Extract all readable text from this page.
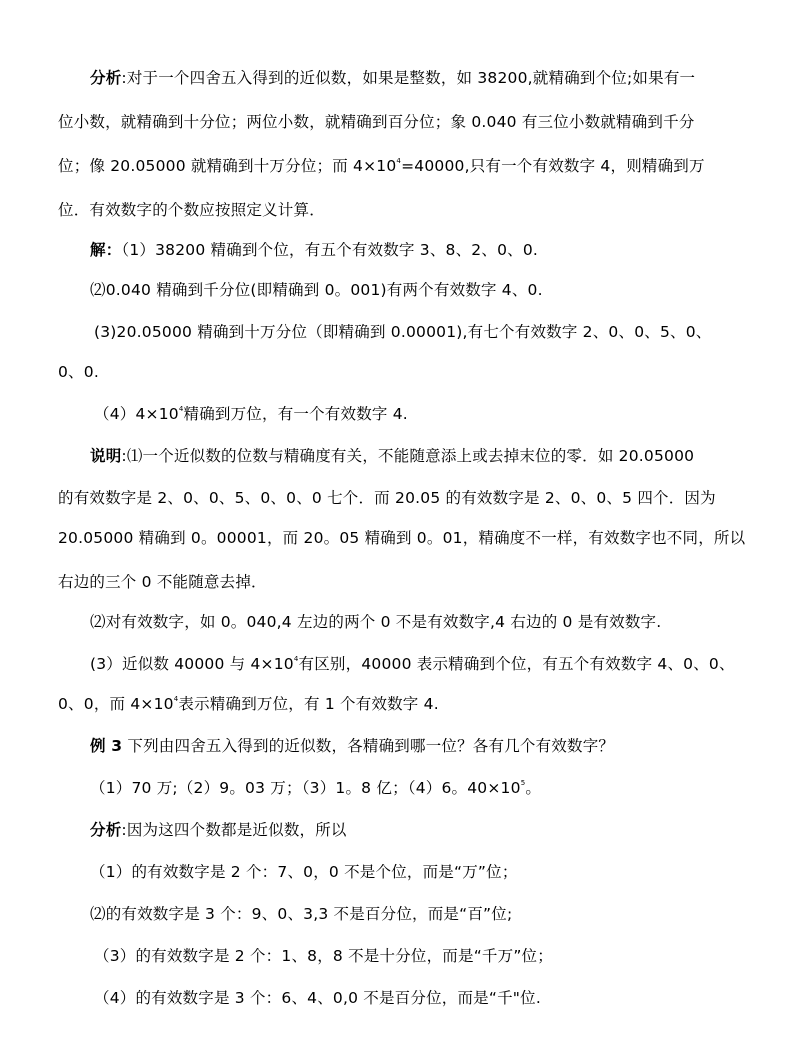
分析:对于一个四舍五入得到的近似数，如果是整数，如 38200,就精确到个位;如果有一
位小数，就精确到十分位；两位小数，就精确到百分位；象 0.040 有三位小数就精确到千分
位；像 20.05000 就精确到十万分位；而 $4\times 10^4=40000$,只有一个有效数字 4，则精确到万
位．有效数字的个数应按照定义计算．
解：（1）38200 精确到个位，有五个有效数字 3、8、2、0、0.
⑵0.040 精确到千分位(即精确到 0。001)有两个有效数字 4、0.
(3)20.05000 精确到十万分位（即精确到 0.00001),有七个有效数字 2、0、0、5、0、
0、0.
$(4)4\times 10^4$精确到万位，有一个有效数字 4.
说明:⑴一个近似数的位数与精确度有关，不能随意添上或去掉末位的零．如 20.05000
的有效数字是 2、0、0、5、0、0、0 七个．而 20.05 的有效数字是 2、0、0、5 四个．因为
20.05000 精确到 0。00001，而 20。05 精确到 0。01，精确度不一样，有效数字也不同，所以
右边的三个 0 不能随意去掉．
⑵对有效数字，如 0。040,4 左边的两个 0 不是有效数字,4 右边的 0 是有效数字.
(3）近似数 40000 与 $4\times 10^4$有区别，40000 表示精确到个位，有五个有效数字 4、0、0、
0、0，而 $4\times 10^4$表示精确到万位，有 1 个有效数字 4.
例 3 下列由四舍五入得到的近似数，各精确到哪一位？各有几个有效数字？
（1）70 万;（2）9。03 万；（3）1。8 亿；（4）6。$40\times 10^5$。
分析:因为这四个数都是近似数，所以
（1）的有效数字是 2 个：7、0，0 不是个位，而是“万”位；
⑵的有效数字是 3 个：9、0、3,3 不是百分位，而是“百”位;
（3）的有效数字是 2 个：1、8，8 不是十分位，而是“千万”位；
（4）的有效数字是 3 个：6、4、0,0 不是百分位，而是“千"位.
